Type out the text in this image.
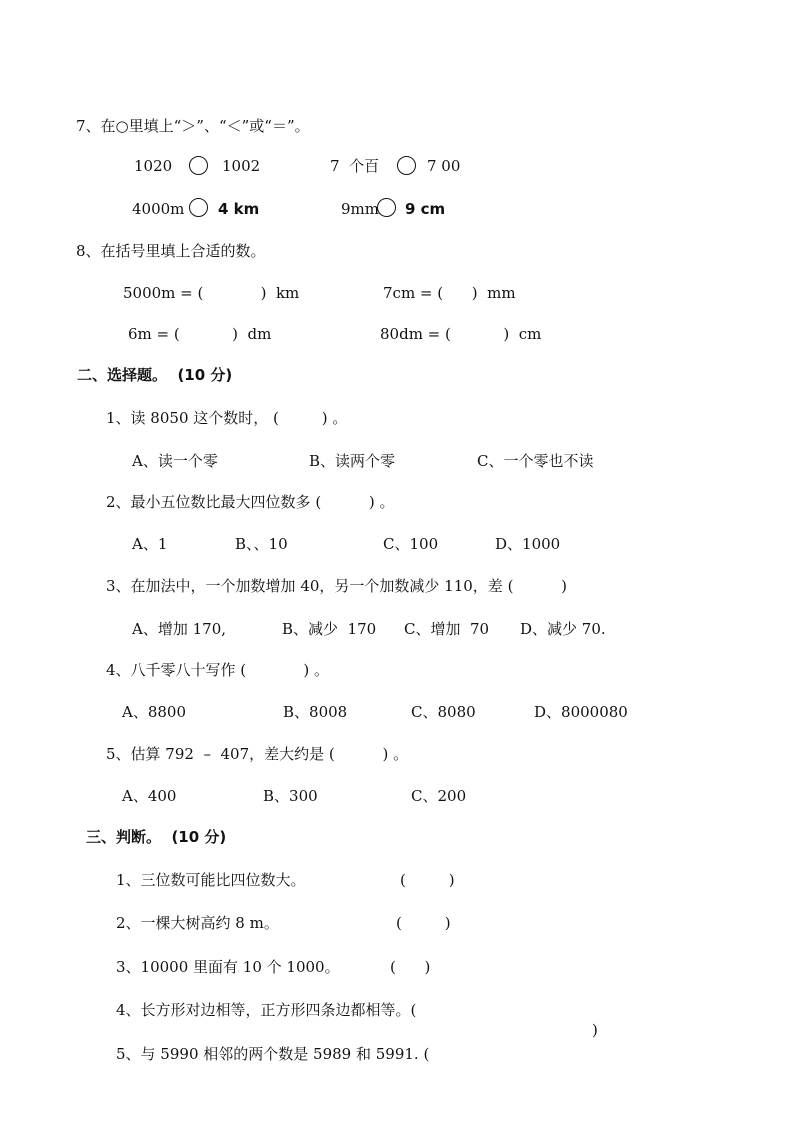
7、在○里填上“＞”、“＜”或“＝”。
1020	1002	7  个百	7 00
4000m 4 km	9mm 9 cm
8、在括号里填上合适的数。
5000m = (            )  km	7cm = (      )  mm
6m = (           )  dm	80dm = (           )  cm
二、选择题。  (10 分)
1、读 8050 这个数时， (         ) 。
A、读一个零	B、读两个零	C、一个零也不读
2、最小五位数比最大四位数多 (          ) 。
A、1	B、、10	C、100	D、1000
3、在加法中，一个加数增加 40，另一个加数减少 110，差 (          )
A、增加 170,	B、减少  170 C、增加  70 D、减少 70.
4、八千零八十写作 (            ) 。
A、8800	B、8008	C、8080	D、8000080
5、估算 792  –  407，差大约是 (          ) 。
A、400	B、300	C、200
三、判断。  (10 分)
1、三位数可能比四位数大。	(         )
2、一棵大树高约 8 m。	(         )
3、10000 里面有 10 个 1000。	(      )
4、长方形对边相等，正方形四条边都相等。(
)
5、与 5990 相邻的两个数是 5989 和 5991. (
